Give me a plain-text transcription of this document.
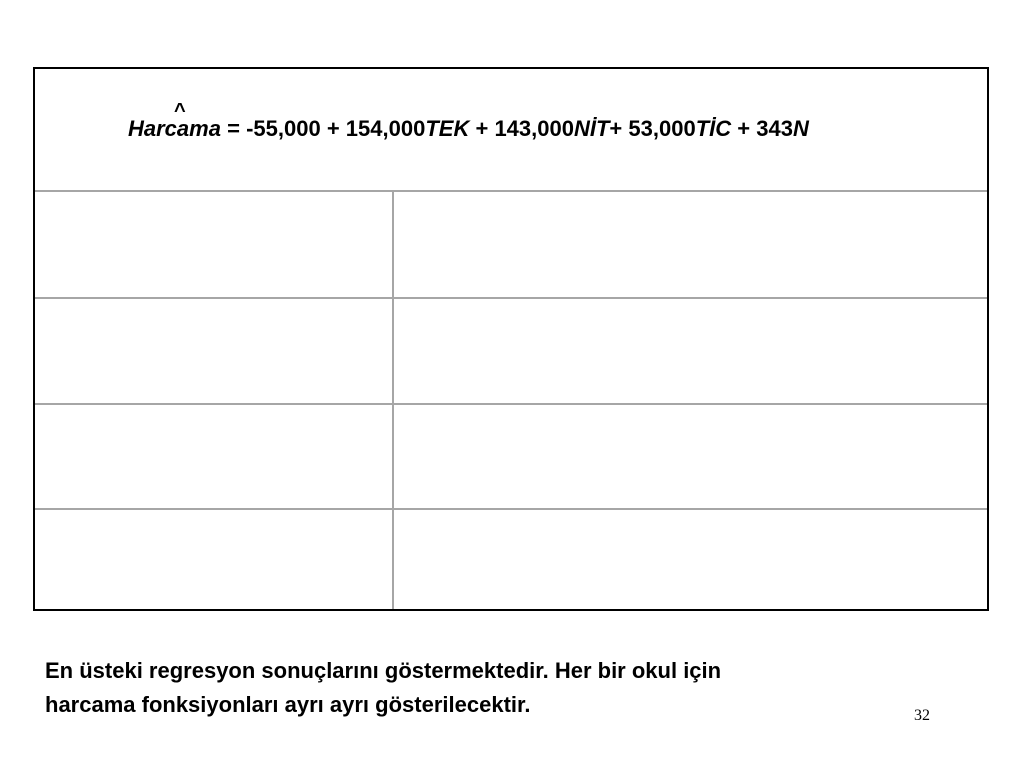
^
Harcama = -55,000 + 154,000TEK + 143,000NİT+ 53,000TİC + 343N
En üsteki regresyon sonuçlarını göstermektedir. Her bir okul için
harcama fonksiyonları ayrı ayrı gösterilecektir.	32
